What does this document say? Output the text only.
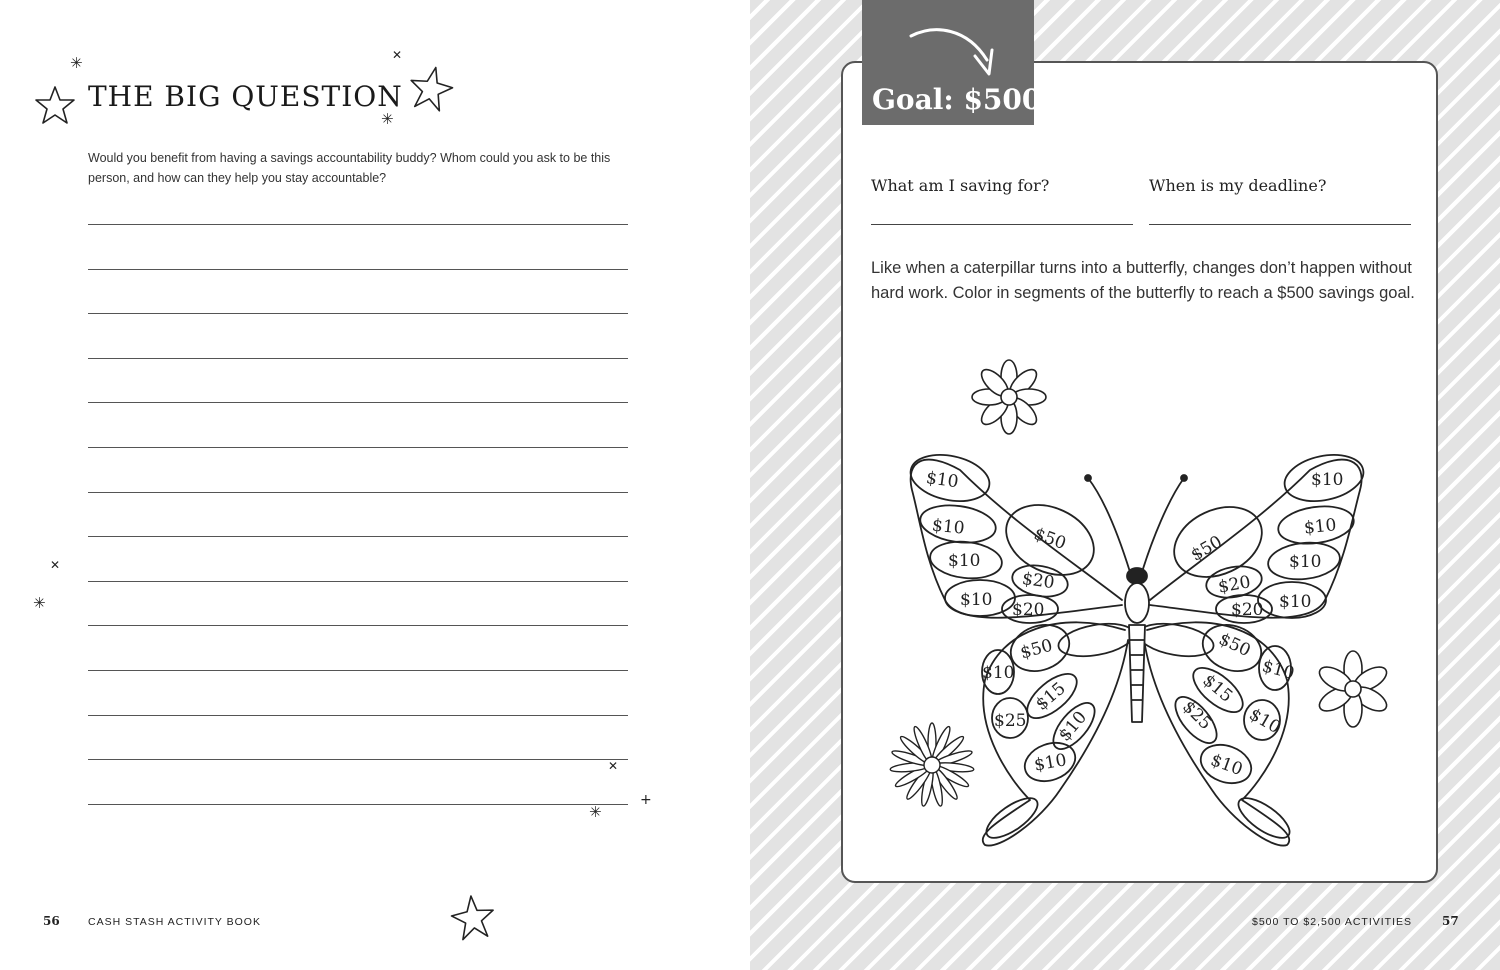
THE BIG QUESTION
Would you benefit from having a savings accountability buddy? Whom could you ask to be this person, and how can they help you stay accountable?
✳	✕
✳
✕
✳
✕
✳
+
56	CASH STASH ACTIVITY BOOK
Goal: $500
What am I saving for?	When is my deadline?
Like when a caterpillar turns into a butterfly, changes don’t happen without hard work. Color in segments of the butterfly to reach a $500 savings goal.
$10
$10
$10
$10
$50
$20
$20
$50
$10
$15
$25 $10
$10
$10
$10
$10
$10
$50
$20
$20
$50
$10
$15
$25 $10
$10
$500 TO $2,500 ACTIVITIES 57
